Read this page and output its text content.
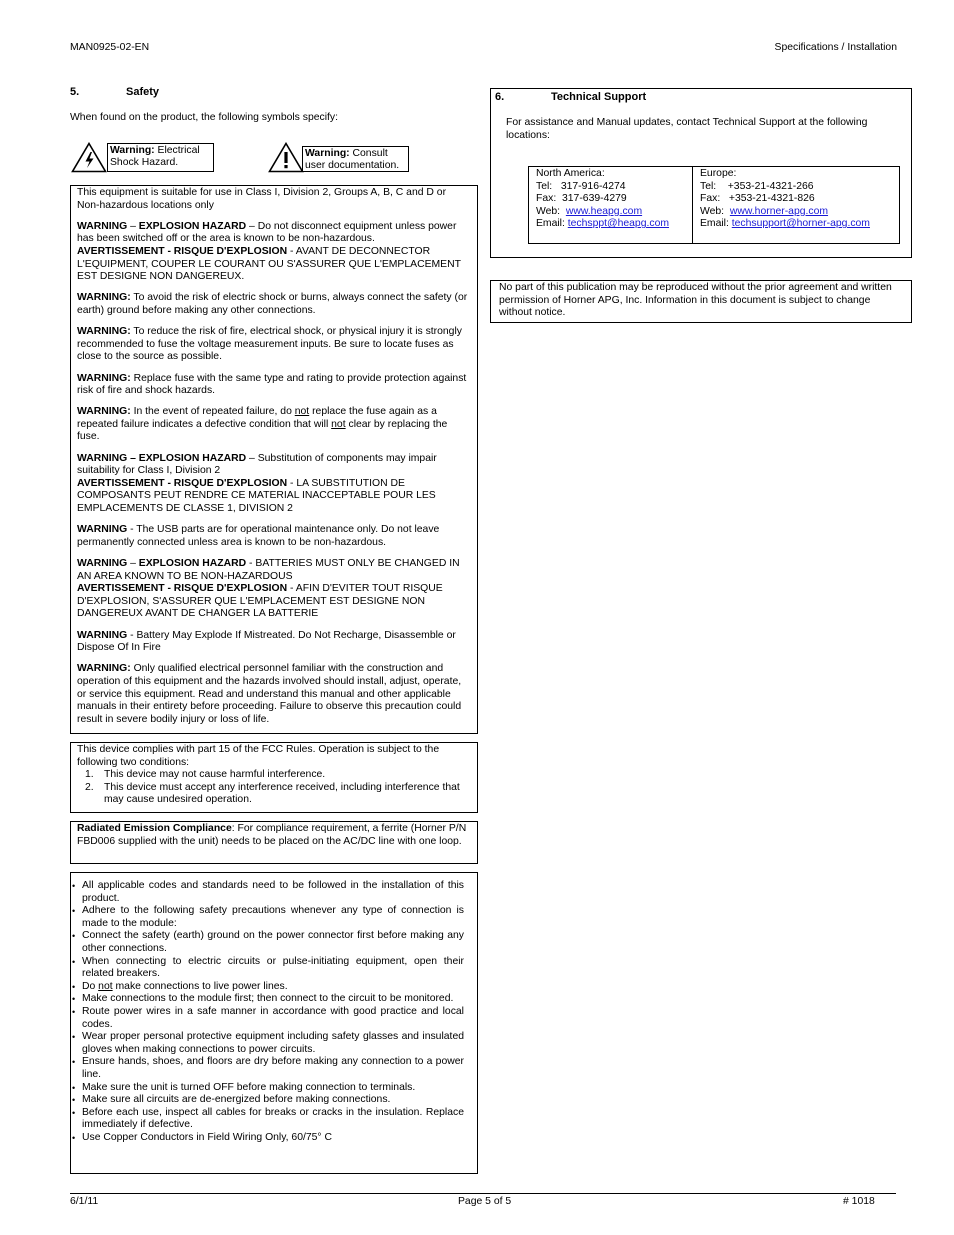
MAN0925-02-EN	Specifications / Installation
5.	Safety
When found on the product, the following symbols specify:
Warning: Electrical
Shock Hazard.
Warning: Consult
user documentation.

This equipment is suitable for use in Class I, Division 2, Groups A, B, C and D or Non-hazardous locations only

WARNING – EXPLOSION HAZARD – Do not disconnect equipment unless power has been switched off or the area is known to be non-hazardous.
AVERTISSEMENT - RISQUE D'EXPLOSION - AVANT DE DECONNECTOR L'EQUIPMENT, COUPER LE COURANT OU S'ASSURER QUE L'EMPLACEMENT EST DESIGNE NON DANGEREUX.

WARNING: To avoid the risk of electric shock or burns, always connect the safety (or earth) ground before making any other connections.

WARNING: To reduce the risk of fire, electrical shock, or physical injury it is strongly recommended to fuse the voltage measurement inputs. Be sure to locate fuses as close to the source as possible.

WARNING: Replace fuse with the same type and rating to provide protection against risk of fire and shock hazards.

WARNING: In the event of repeated failure, do not replace the fuse again as a repeated failure indicates a defective condition that will not clear by replacing the fuse.

WARNING – EXPLOSION HAZARD – Substitution of components may impair suitability for Class I, Division 2
AVERTISSEMENT - RISQUE D'EXPLOSION - LA SUBSTITUTION DE COMPOSANTS PEUT RENDRE CE MATERIAL INACCEPTABLE POUR LES EMPLACEMENTS DE CLASSE 1, DIVISION 2

WARNING - The USB parts are for operational maintenance only. Do not leave permanently connected unless area is known to be non-hazardous.

WARNING – EXPLOSION HAZARD - BATTERIES MUST ONLY BE CHANGED IN AN AREA KNOWN TO BE NON-HAZARDOUS
AVERTISSEMENT - RISQUE D'EXPLOSION - AFIN D'EVITER TOUT RISQUE D'EXPLOSION, S'ASSURER QUE L'EMPLACEMENT EST DESIGNE NON DANGEREUX AVANT DE CHANGER LA BATTERIE

WARNING - Battery May Explode If Mistreated. Do Not Recharge, Disassemble or Dispose Of In Fire

WARNING: Only qualified electrical personnel familiar with the construction and operation of this equipment and the hazards involved should install, adjust, operate, or service this equipment. Read and understand this manual and other applicable manuals in their entirety before proceeding. Failure to observe this precaution could result in severe bodily injury or loss of life.

This device complies with part 15 of the FCC Rules. Operation is subject to the following two conditions:

1. This device may not cause harmful interference.
2. This device must accept any interference received, including interference that may cause undesired operation.
Radiated Emission Compliance: For compliance requirement, a ferrite (Horner P/N FBD006 supplied with the unit) needs to be placed on the AC/DC line with one loop.
• All applicable codes and standards need to be followed in the installation of this product.
• Adhere to the following safety precautions whenever any type of connection is made to the module:
• Connect the safety (earth) ground on the power connector first before making any other connections.
• When connecting to electric circuits or pulse-initiating equipment, open their related breakers.
• Do not make connections to live power lines.
• Make connections to the module first; then connect to the circuit to be monitored.
• Route power wires in a safe manner in accordance with good practice and local codes.
• Wear proper personal protective equipment including safety glasses and insulated gloves when making connections to power circuits.
• Ensure hands, shoes, and floors are dry before making any connection to a power line.
• Make sure the unit is turned OFF before making connection to terminals.
• Make sure all circuits are de-energized before making connections.
• Before each use, inspect all cables for breaks or cracks in the insulation. Replace immediately if defective.
• Use Copper Conductors in Field Wiring Only, 60/75° C
6.	Technical Support
For assistance and Manual updates, contact Technical Support at the following locations:
North America:
Tel: 317-916-4274
Fax: 317-639-4279
Web: www.heapg.com
Email: techsppt@heapg.com
Europe:
Tel: +353-21-4321-266
Fax: +353-21-4321-826
Web: www.horner-apg.com
Email: techsupport@horner-apg.com
No part of this publication may be reproduced without the prior agreement and written permission of Horner APG, Inc. Information in this document is subject to change without notice.
6/1/11	Page 5 of 5	# 1018
